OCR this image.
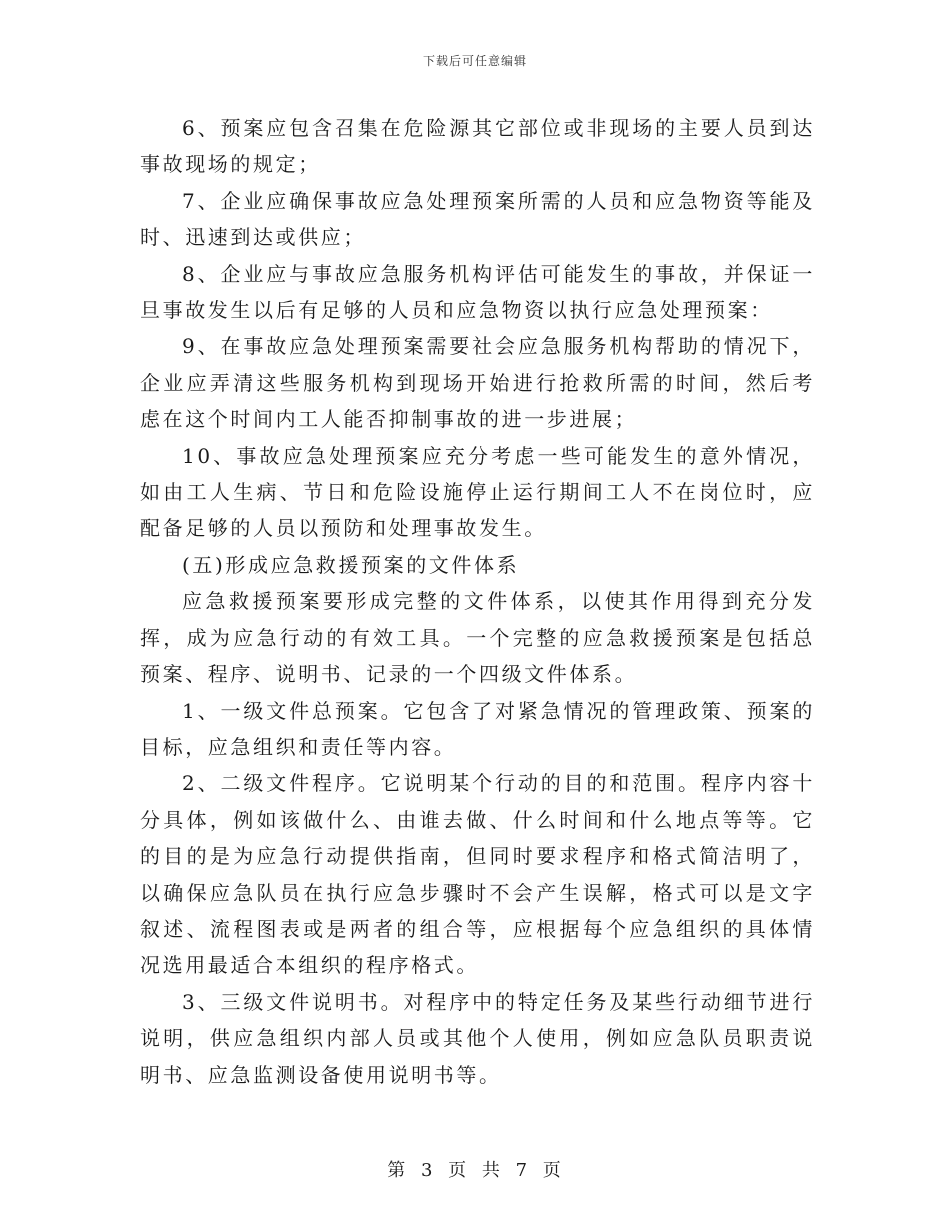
下载后可任意编辑

6、预案应包含召集在危险源其它部位或非现场的主要人员到达事故现场的规定；

7、企业应确保事故应急处理预案所需的人员和应急物资等能及时、迅速到达或供应；

8、企业应与事故应急服务机构评估可能发生的事故，并保证一旦事故发生以后有足够的人员和应急物资以执行应急处理预案：

9、在事故应急处理预案需要社会应急服务机构帮助的情况下，企业应弄清这些服务机构到现场开始进行抢救所需的时间，然后考虑在这个时间内工人能否抑制事故的进一步进展；

10、事故应急处理预案应充分考虑一些可能发生的意外情况，如由工人生病、节日和危险设施停止运行期间工人不在岗位时，应配备足够的人员以预防和处理事故发生。

(五)形成应急救援预案的文件体系

应急救援预案要形成完整的文件体系，以使其作用得到充分发挥，成为应急行动的有效工具。一个完整的应急救援预案是包括总预案、程序、说明书、记录的一个四级文件体系。

1、一级文件总预案。它包含了对紧急情况的管理政策、预案的目标，应急组织和责任等内容。

2、二级文件程序。它说明某个行动的目的和范围。程序内容十分具体，例如该做什么、由谁去做、什么时间和什么地点等等。它的目的是为应急行动提供指南，但同时要求程序和格式简洁明了，以确保应急队员在执行应急步骤时不会产生误解，格式可以是文字叙述、流程图表或是两者的组合等，应根据每个应急组织的具体情况选用最适合本组织的程序格式。

3、三级文件说明书。对程序中的特定任务及某些行动细节进行说明，供应急组织内部人员或其他个人使用，例如应急队员职责说明书、应急监测设备使用说明书等。

第 3 页 共 7 页
